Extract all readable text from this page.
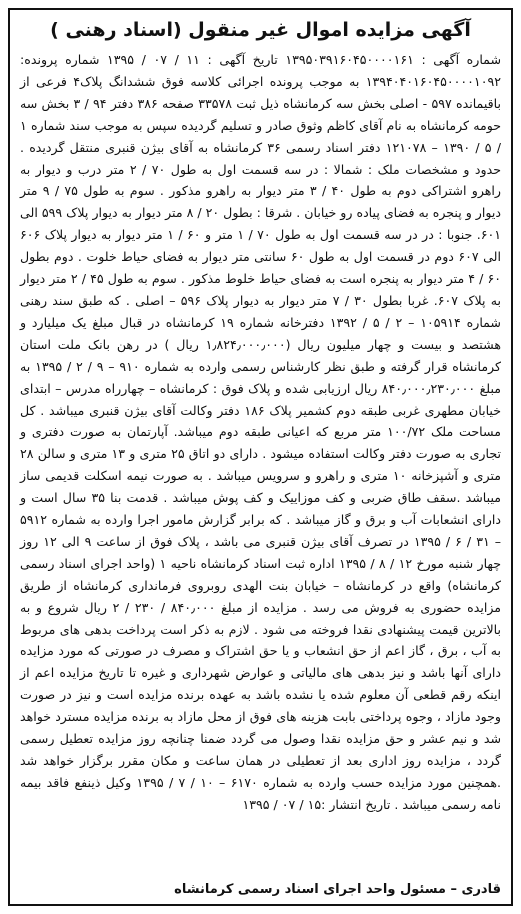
آگهی مزایده اموال غیر منقول (اسناد رهنی )

شماره آگهی : ۱۳۹۵۰۳۹۱۶۰۴۵۰۰۰۰۱۶۱ تاریخ آگهی : ۱۱ / ۰۷ / ۱۳۹۵ شماره پرونده: ۱۳۹۴۰۴۰۱۶۰۴۵۰۰۰۰۱۰۹۲ به موجب پرونده اجرائی کلاسه فوق ششدانگ پلاک۴ فرعی از باقیمانده ۵۹۷ - اصلی بخش سه کرمانشاه ذیل ثبت ۳۳۵۷۸ صفحه ۳۸۶ دفتر ۹۴ / ۳ بخش سه حومه کرمانشاه به نام آقای کاظم وثوق صادر و تسلیم گردیده سپس به موجب سند شماره ۱ / ۵ / ۱۳۹۰ – ۱۲۱۰۷۸ دفتر اسناد رسمی ۳۶ کرمانشاه به آقای بیژن قنبری منتقل گردیده . حدود و مشخصات ملک : شمالا : در سه قسمت اول به طول ۷۰ / ۲ متر درب و دیوار به راهرو اشتراکی دوم به طول ۴۰ / ۳ متر دیوار به راهرو مذکور . سوم به طول ۷۵ / ۹ متر دیوار و پنجره به فضای پیاده رو خیابان . شرقا : بطول ۲۰ / ۸ متر دیوار به دیوار پلاک ۵۹۹ الی ۶۰۱. جنوبا : در در سه قسمت اول به طول ۷۰ / ۱ متر و ۶۰ / ۱ متر دیوار به دیوار پلاک ۶۰۶ الی ۶۰۷ دوم در قسمت اول به طول ۶۰ سانتی متر دیوار به فضای حیاط خلوت . دوم بطول ۶۰ / ۴ متر دیوار به پنجره است به فضای حیاط خلوط مذکور . سوم به طول ۴۵ / ۲ متر دیوار به پلاک ۶۰۷. غربا بطول ۳۰ / ۷ متر دیوار به دیوار پلاک ۵۹۶ – اصلی . که طبق سند رهنی شماره ۱۰۵۹۱۴ – ۲ / ۵ / ۱۳۹۲ دفترخانه شماره ۱۹ کرمانشاه در قبال مبلغ یک میلیارد و هشتصد و بیست و چهار میلیون ریال (۱٫۸۲۴٫۰۰۰٫۰۰۰ ریال ) در رهن بانک ملت استان کرمانشاه قرار گرفته و طبق نظر کارشناس رسمی وارده به شماره ۹۱۰ – ۹ / ۲ / ۱۳۹۵ به مبلغ ۸۴۰٫۰۰۰٫۲۳۰٫۰۰۰ ریال ارزیابی شده و پلاک فوق : کرمانشاه – چهارراه مدرس – ابتدای خیابان مطهری غربی طبقه دوم کشمیر پلاک ۱۸۶ دفتر وکالت آقای بیژن قنبری میباشد . کل مساحت ملک ۱۰۰/۷۲ متر مربع که اعیانی طبقه دوم میباشد. آپارتمان به صورت دفتری و تجاری به صورت دفتر وکالت استفاده میشود . دارای دو اتاق ۲۵ متری و ۱۳ متری و سالن ۲۸ متری و آشپزخانه ۱۰ متری و راهرو و سرویس میباشد . به صورت نیمه اسکلت قدیمی ساز میباشد .سقف طاق ضربی و کف موزاییک و کف پوش میباشد . قدمت بنا ۳۵ سال است و دارای انشعابات آب و برق و گاز میباشد . که برابر گزارش مامور اجرا وارده به شماره ۵۹۱۲ – ۳۱ / ۶ / ۱۳۹۵ در تصرف آقای بیژن قنبری می باشد ، پلاک فوق از ساعت ۹ الی ۱۲ روز چهار شنبه مورخ ۱۲ / ۸ / ۱۳۹۵ اداره ثبت اسناد کرمانشاه ناحیه ۱ (واحد اجرای اسناد رسمی کرمانشاه) واقع در کرمانشاه – خیابان بنت الهدی روبروی فرمانداری کرمانشاه از طریق مزایده حضوری به فروش می رسد . مزایده از مبلغ ۸۴۰٫۰۰۰ / ۲۳۰ / ۲ ریال شروع و به بالاترین قیمت پیشنهادی نقدا فروخته می شود . لازم به ذکر است پرداخت بدهی های مربوط به آب ، برق ، گاز اعم از حق انشعاب و یا حق اشتراک و مصرف در صورتی که مورد مزایده دارای آنها باشد و نیز بدهی های مالیاتی و عوارض شهرداری و غیره تا تاریخ مزایده اعم از اینکه رقم قطعی آن معلوم شده یا نشده باشد به عهده برنده مزایده است و نیز در صورت وجود مازاد ، وجوه پرداختی بابت هزینه های فوق از محل مازاد به برنده مزایده مسترد خواهد شد و نیم عشر و حق مزایده نقدا وصول می گردد ضمنا چنانچه روز مزایده تعطیل رسمی گردد ، مزایده روز اداری بعد از تعطیلی در همان ساعت و مکان مقرر برگزار خواهد شد .همچنین مورد مزایده حسب وارده به شماره ۶۱۷۰ – ۱۰ / ۷ / ۱۳۹۵ وکیل ذینفع فاقد بیمه نامه رسمی میباشد . تاریخ انتشار :۱۵ / ۰۷ / ۱۳۹۵

قادری – مسئول واحد اجرای اسناد رسمی کرمانشاه
